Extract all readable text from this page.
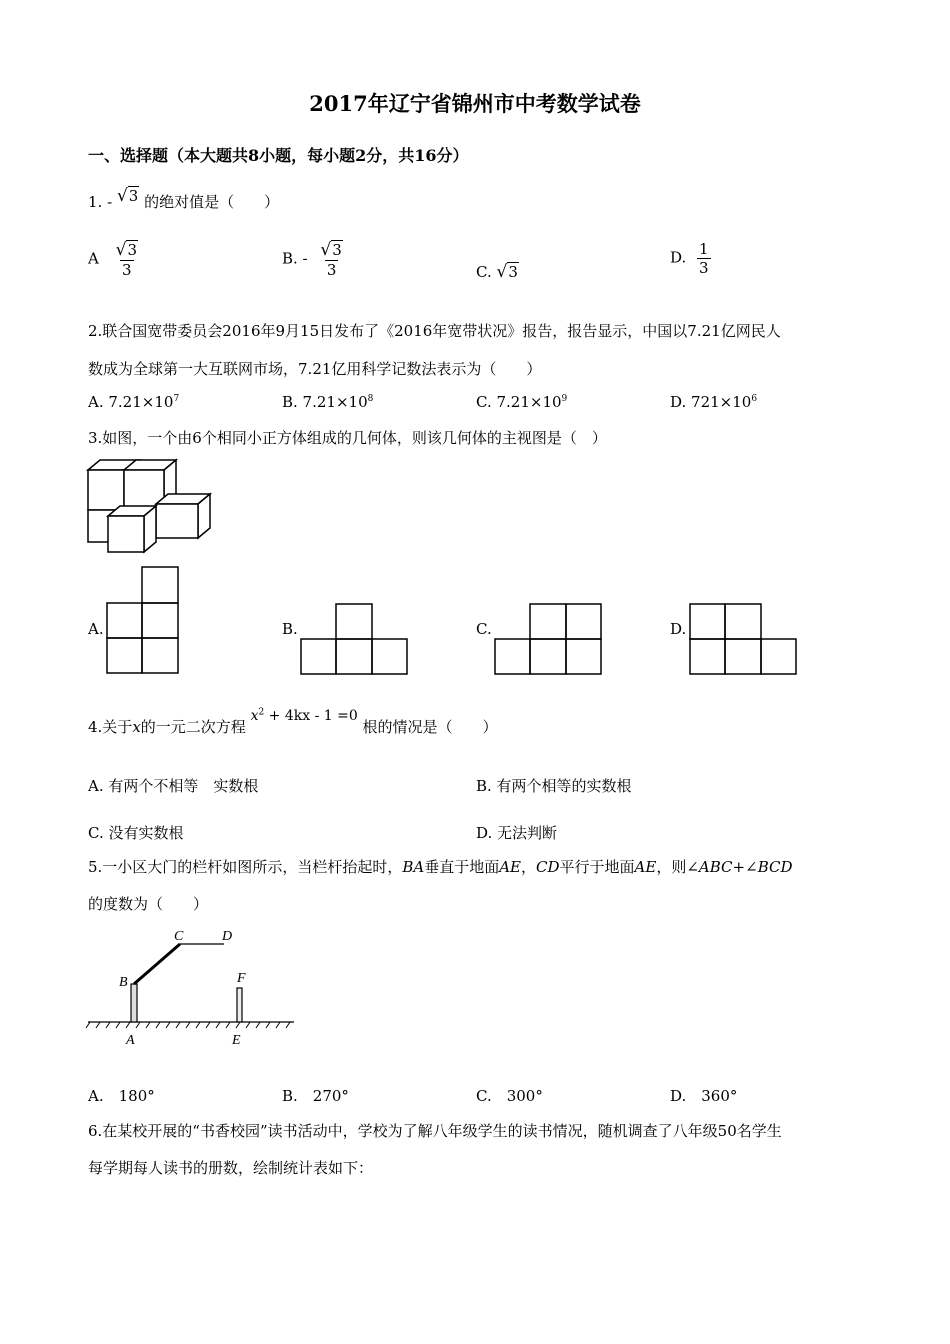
2017年辽宁省锦州市中考数学试卷
一、选择题（本大题共8小题，每小题2分，共16分）
1. - √3 的绝对值是（　　）
A $\frac{√3}{3}$	B. - $\frac{√3}{3}$	C. √3
D. $\frac{1}{3}$
2.联合国宽带委员会2016年9月15日发布了《2016年宽带状况》报告，报告显示，中国以7.21亿网民人
数成为全球第一大互联网市场，7.21亿用科学记数法表示为（　　）
A. $7.21\times 10^7$	B. $7.21\times 10^8$	C. $7.21\times 10^9$	D. $721\times 10^6$
3.如图，一个由6个相同小正方体组成的几何体，则该几何体的主视图是（　）
A.	B.	C.	D.
4.关于x的一元二次方程 $x^2 + 4kx - 1 =0$ 根的情况是（　　）
A. 有两个不相等　实数根	B. 有两个相等的实数根
C. 没有实数根	D. 无法判断
5.一小区大门的栏杆如图所示，当栏杆抬起时，BA垂直于地面AE，CD平行于地面AE，则∠ABC+∠BCD
的度数为（　　）
C	D
B	F
A	E
A.　180°	B.　270°	C.　300°	D.　360°
6.在某校开展的“书香校园”读书活动中，学校为了解八年级学生的读书情况，随机调查了八年级50名学生
每学期每人读书的册数，绘制统计表如下：
